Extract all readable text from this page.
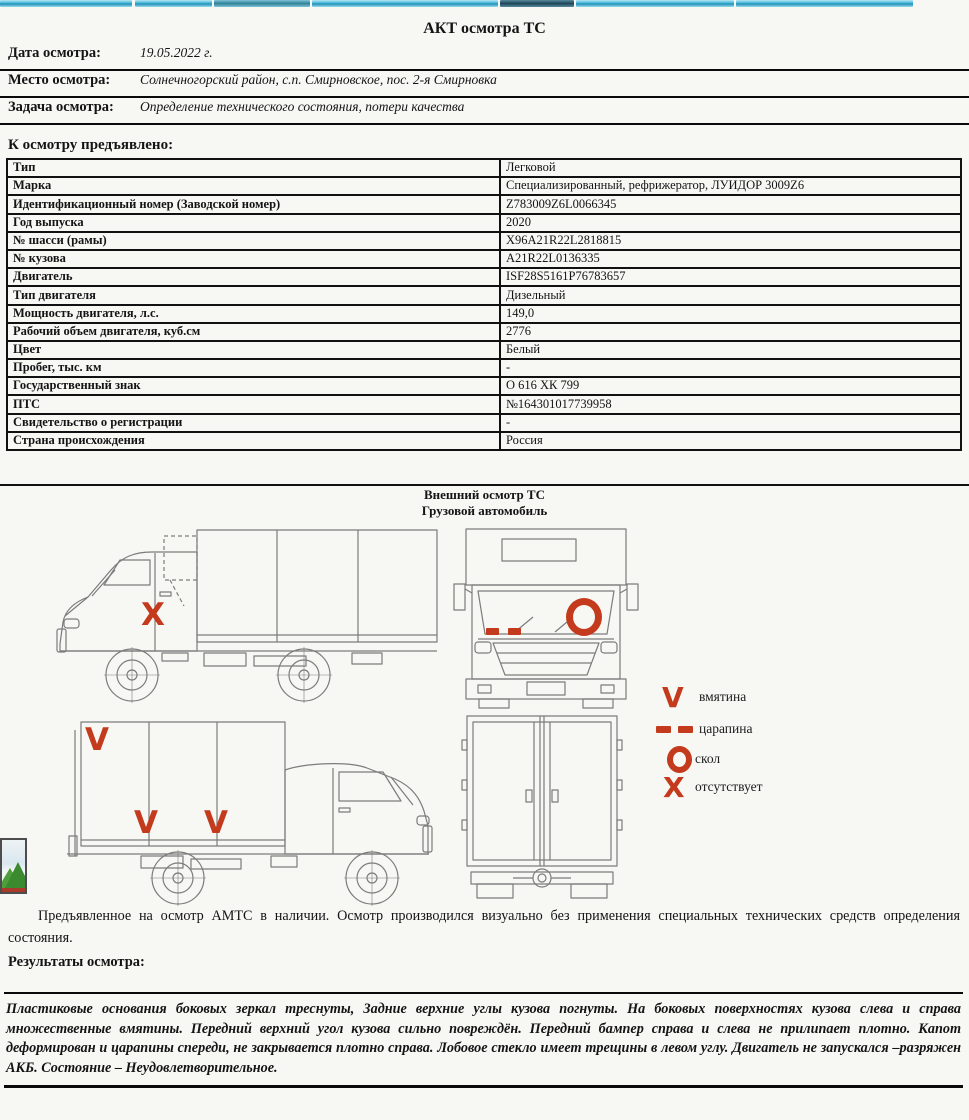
АКТ осмотра ТС
Дата осмотра:	19.05.2022 г.
Место осмотра: Солнечногорский район, с.п. Смирновское, пос. 2-я Смирновка
Задача осмотра: Определение технического состояния, потери качества
К осмотру предъявлено:
Тип	Легковой
Марка	Специализированный, рефрижератор, ЛУИДОР 3009Z6
Идентификационный номер (Заводской номер)	Z783009Z6L0066345
Год выпуска	2020
№ шасси (рамы)	X96A21R22L2818815
№ кузова	A21R22L0136335
Двигатель	ISF28S5161P76783657
Тип двигателя	Дизельный
Мощность двигателя, л.с.	149,0
Рабочий объем двигателя, куб.см	2776
Цвет	Белый
Пробег, тыс. км	-
Государственный знак	О 616 ХК 799
ПТС	№164301017739958
Свидетельство о регистрации	-
Страна происхождения	Россия
Внешний осмотр ТС
Грузовой автомобиль
X
V
V V
V вмятина
царапина
скол
X отсутствует
Предъявленное на осмотр АМТС в наличии. Осмотр производился визуально без применения специальных технических средств определения состояния.
Результаты осмотра:
Пластиковые основания боковых зеркал треснуты, Задние верхние углы кузова погнуты. На боковых поверхностях кузова слева и справа множественные вмятины. Передний верхний угол кузова сильно повреждён. Передний бампер справа и слева не прилипает плотно. Капот деформирован и царапины спереди, не закрывается плотно справа. Лобовое стекло имеет трещины в левом углу. Двигатель не запускался –разряжен АКБ. Состояние – Неудовлетворительное.
